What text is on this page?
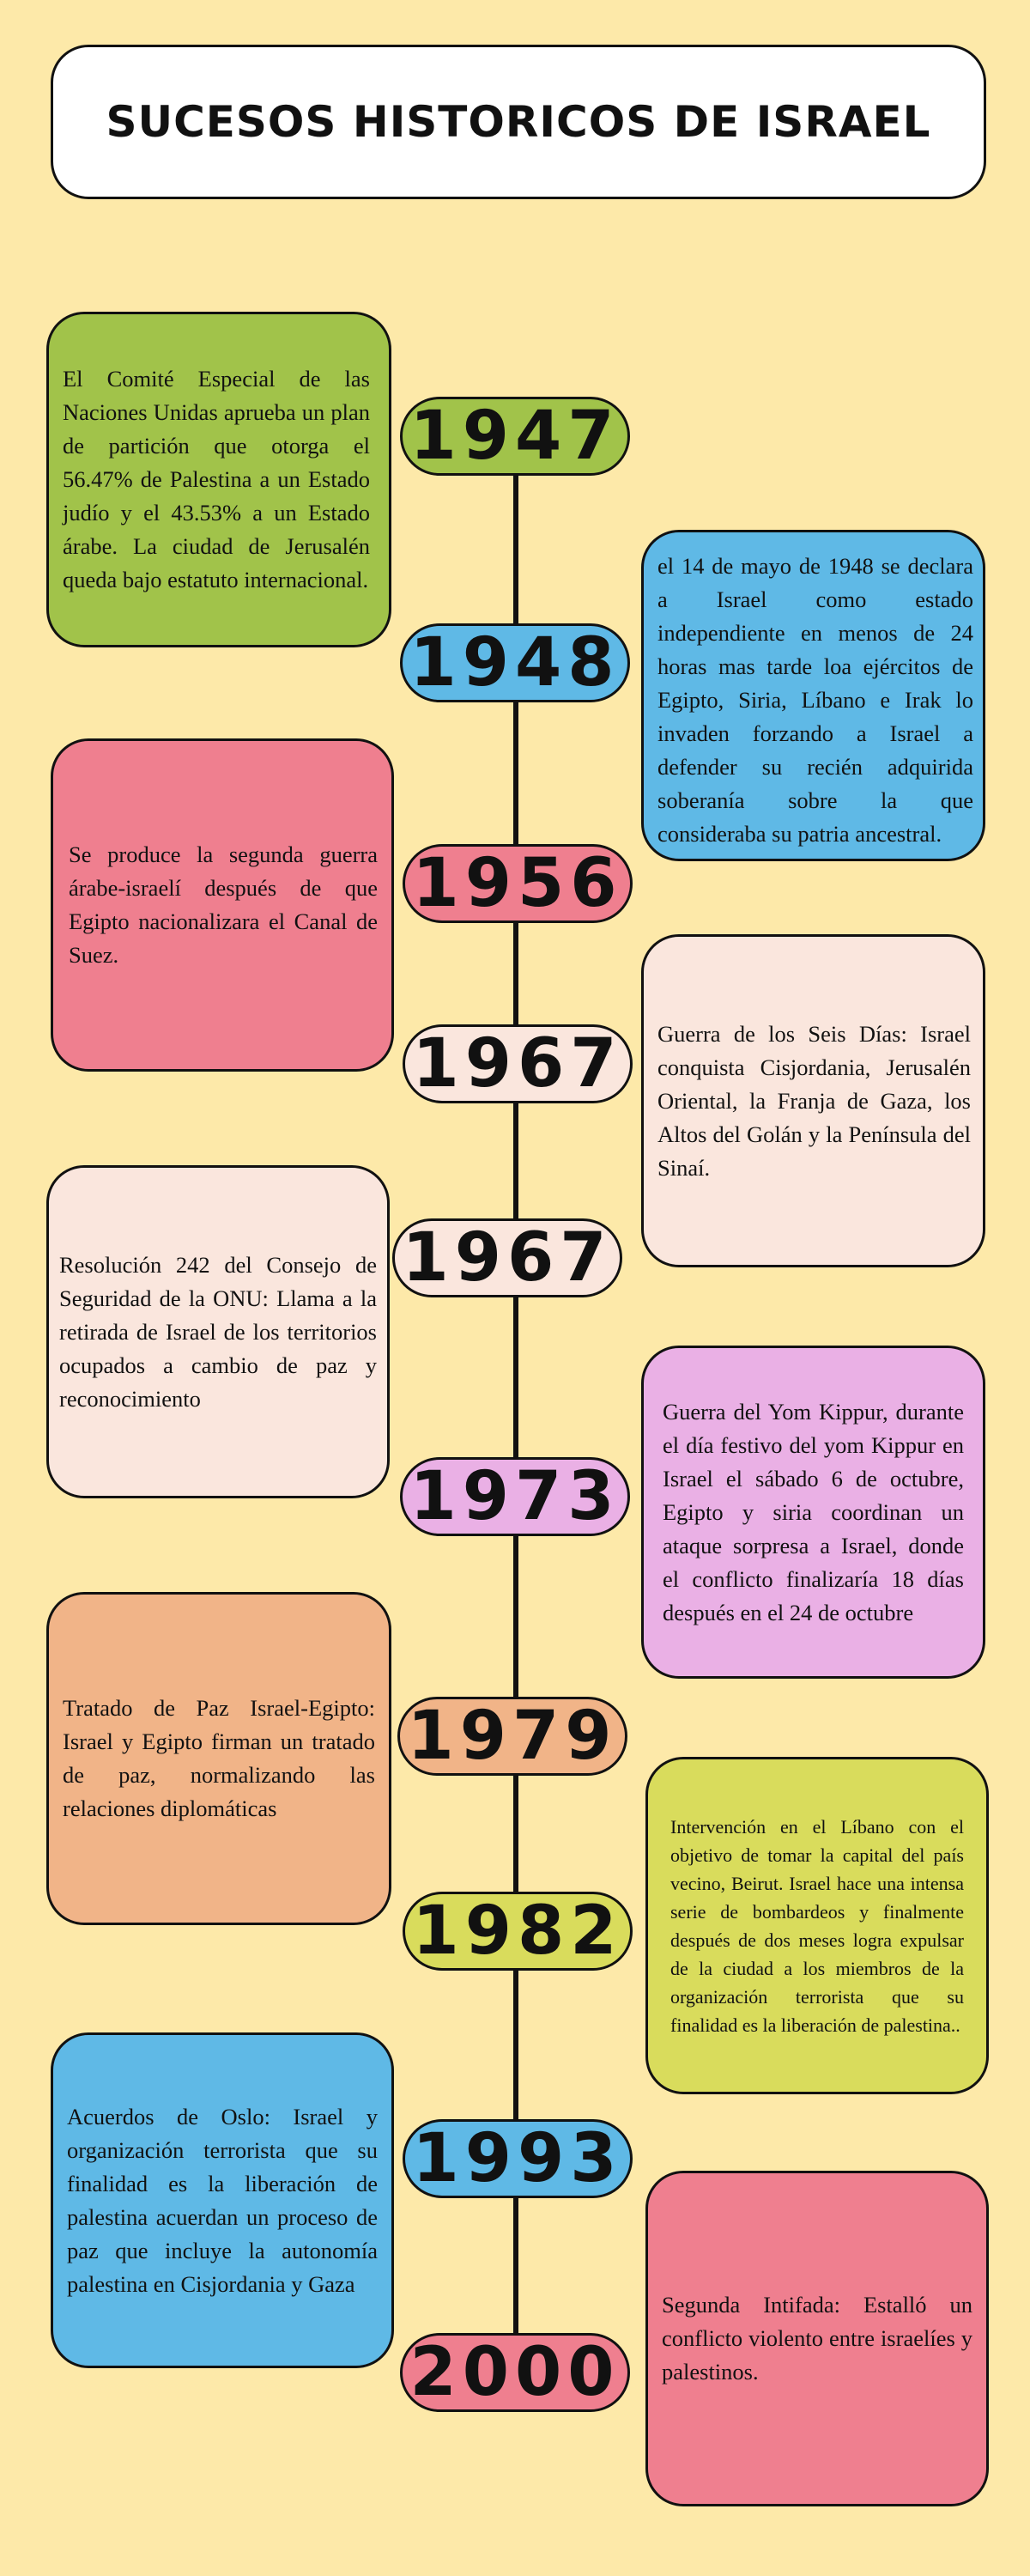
SUCESOS HISTORICOS DE ISRAEL
1947
1948
1956
1967
1967
1973
1979
1982
1993
2000

El Comité Especial de las Naciones Unidas aprueba un plan de partición que otorga el 56.47% de Palestina a un Estado judío y el 43.53% a un Estado árabe. La ciudad de Jerusalén queda bajo estatuto internacional.

el 14 de mayo de 1948 se declara a Israel como estado independiente en menos de 24 horas mas tarde loa ejércitos de Egipto, Siria, Líbano e Irak lo invaden forzando a Israel a defender su recién adquirida soberanía sobre la que consideraba su patria ancestral.

Se produce la segunda guerra árabe-israelí después de que Egipto nacionalizara el Canal de Suez.

Guerra de los Seis Días: Israel conquista Cisjordania, Jerusalén Oriental, la Franja de Gaza, los Altos del Golán y la Península del Sinaí.

Resolución 242 del Consejo de Seguridad de la ONU: Llama a la retirada de Israel de los territorios ocupados a cambio de paz y reconocimiento	Guerra del Yom Kippur, durante el día festivo del yom Kippur en Israel el sábado 6 de octubre, Egipto y siria coordinan un ataque sorpresa a Israel, donde el conflicto finalizaría 18 días después en el 24 de octubre

Tratado de Paz Israel-Egipto: Israel y Egipto firman un tratado de paz, normalizando las relaciones diplomáticas

Intervención en el Líbano con el objetivo de tomar la capital del país vecino, Beirut. Israel hace una intensa serie de bombardeos y finalmente después de dos meses logra expulsar de la ciudad a los miembros de la organización terrorista que su finalidad es la liberación de palestina..

Acuerdos de Oslo: Israel y organización terrorista que su finalidad es la liberación de palestina acuerdan un proceso de paz que incluye la autonomía palestina en Cisjordania y Gaza

Segunda Intifada: Estalló un conflicto violento entre israelíes y palestinos.
